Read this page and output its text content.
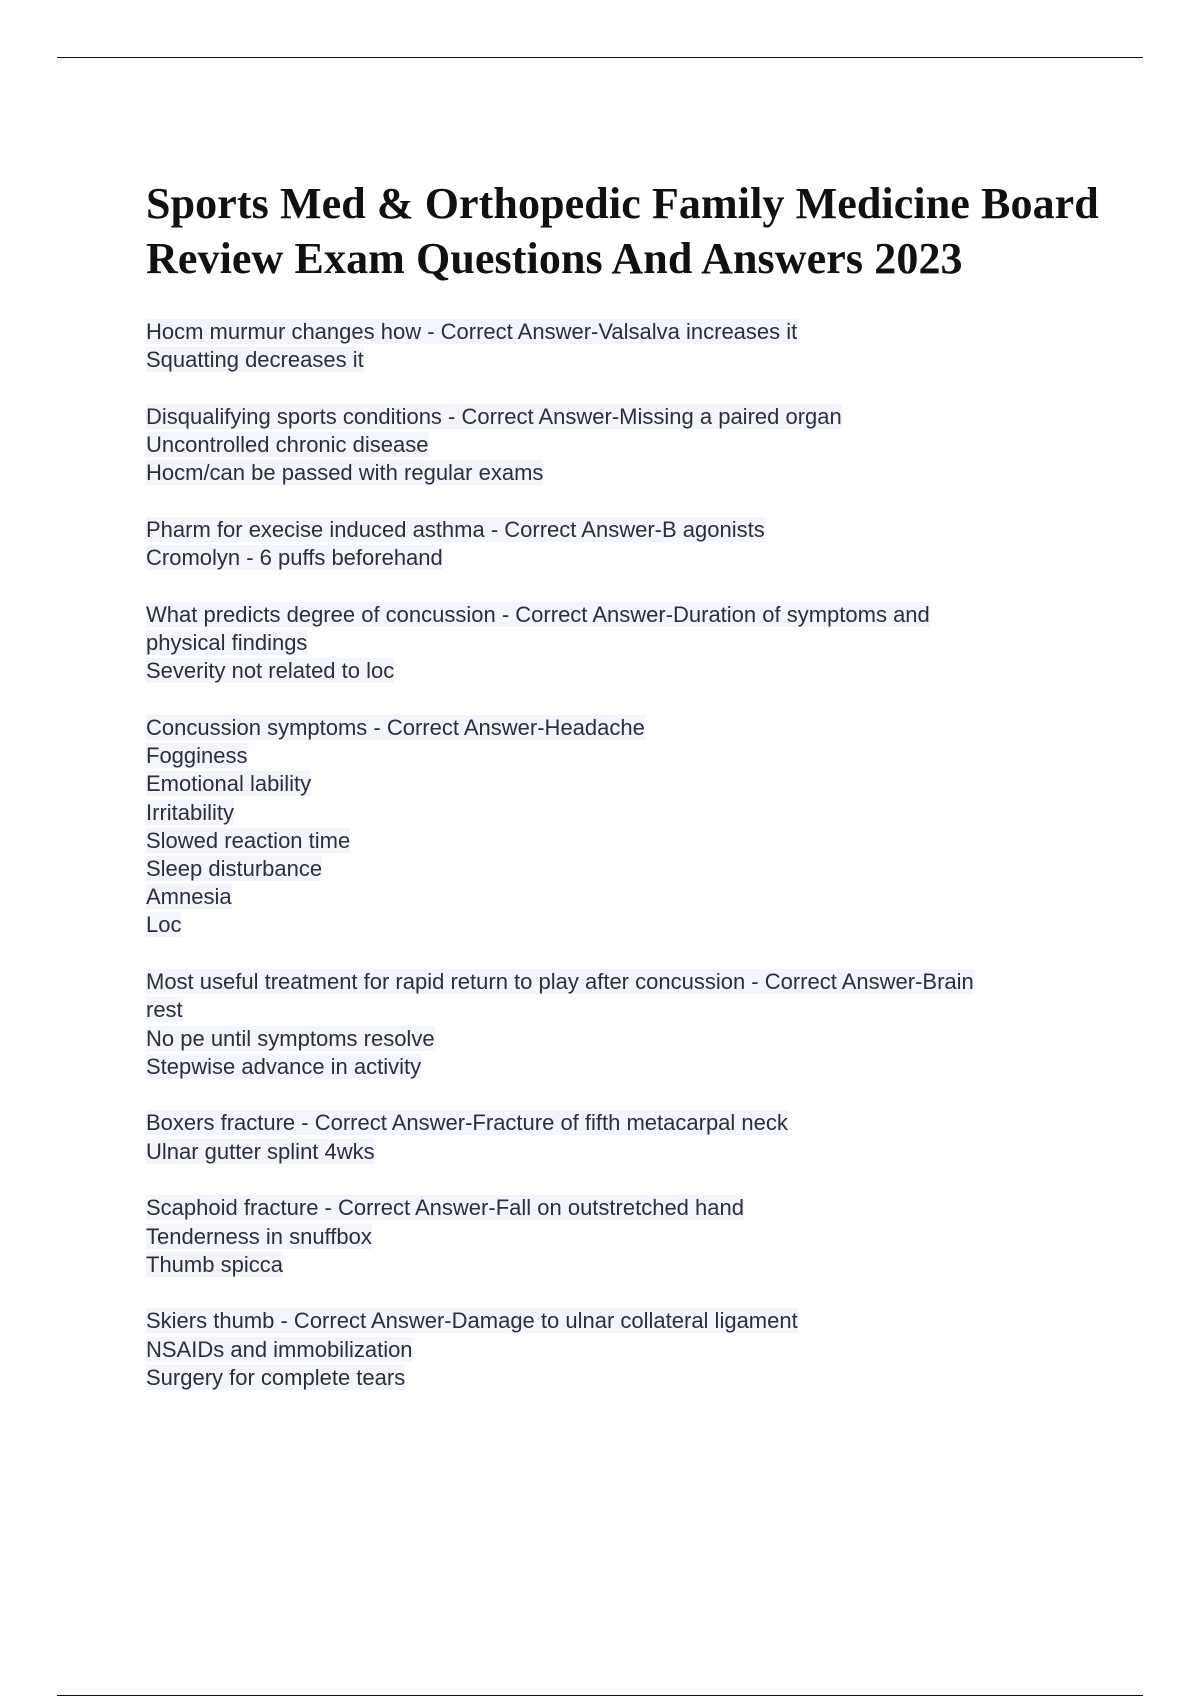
Sports Med & Orthopedic Family Medicine Board Review Exam Questions And Answers 2023
Hocm murmur changes how - Correct Answer-Valsalva increases it
Squatting decreases it
Disqualifying sports conditions - Correct Answer-Missing a paired organ
Uncontrolled chronic disease
Hocm/can be passed with regular exams
Pharm for execise induced asthma - Correct Answer-B agonists
Cromolyn - 6 puffs beforehand
What predicts degree of concussion - Correct Answer-Duration of symptoms and
physical findings
Severity not related to loc
Concussion symptoms - Correct Answer-Headache
Fogginess
Emotional lability
Irritability
Slowed reaction time
Sleep disturbance
Amnesia
Loc
Most useful treatment for rapid return to play after concussion - Correct Answer-Brain
rest
No pe until symptoms resolve
Stepwise advance in activity
Boxers fracture - Correct Answer-Fracture of fifth metacarpal neck
Ulnar gutter splint 4wks
Scaphoid fracture - Correct Answer-Fall on outstretched hand
Tenderness in snuffbox
Thumb spicca
Skiers thumb - Correct Answer-Damage to ulnar collateral ligament
NSAIDs and immobilization
Surgery for complete tears
